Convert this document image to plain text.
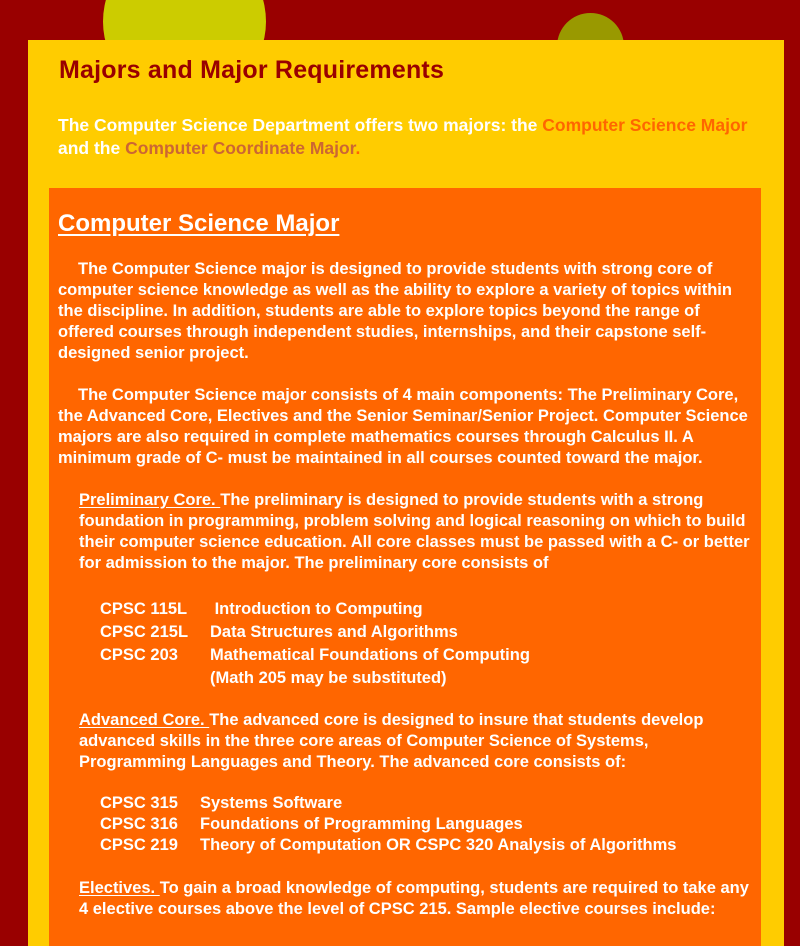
Majors and Major Requirements

The Computer Science Department offers two majors: the Computer Science Major and the Computer Coordinate Major.

Computer Science Major

The Computer Science major is designed to provide students with strong core of computer science knowledge as well as the ability to explore a variety of topics within the discipline. In addition, students are able to explore topics beyond the range of offered courses through independent studies, internships, and their capstone self-designed senior project.

The Computer Science major consists of 4 main components: The Preliminary Core, the Advanced Core, Electives and the Senior Seminar/Senior Project. Computer Science majors are also required in complete mathematics courses through Calculus II. A minimum grade of C- must be maintained in all courses counted toward the major.

Preliminary Core. The preliminary is designed to provide students with a strong foundation in programming, problem solving and logical reasoning on which to build their computer science education. All core classes must be passed with a C- or better for admission to the major. The preliminary core consists of

CPSC 115L	Introduction to Computing
CPSC 215L	Data Structures and Algorithms
CPSC 203	Mathematical Foundations of Computing
(Math 205 may be substituted)

Advanced Core. The advanced core is designed to insure that students develop advanced skills in the three core areas of Computer Science of Systems, Programming Languages and Theory. The advanced core consists of:

CPSC 315	Systems Software
CPSC 316	Foundations of Programming Languages
CPSC 219	Theory of Computation OR CSPC 320 Analysis of Algorithms

Electives. To gain a broad knowledge of computing, students are required to take any 4 elective courses above the level of CPSC 215. Sample elective courses include:
